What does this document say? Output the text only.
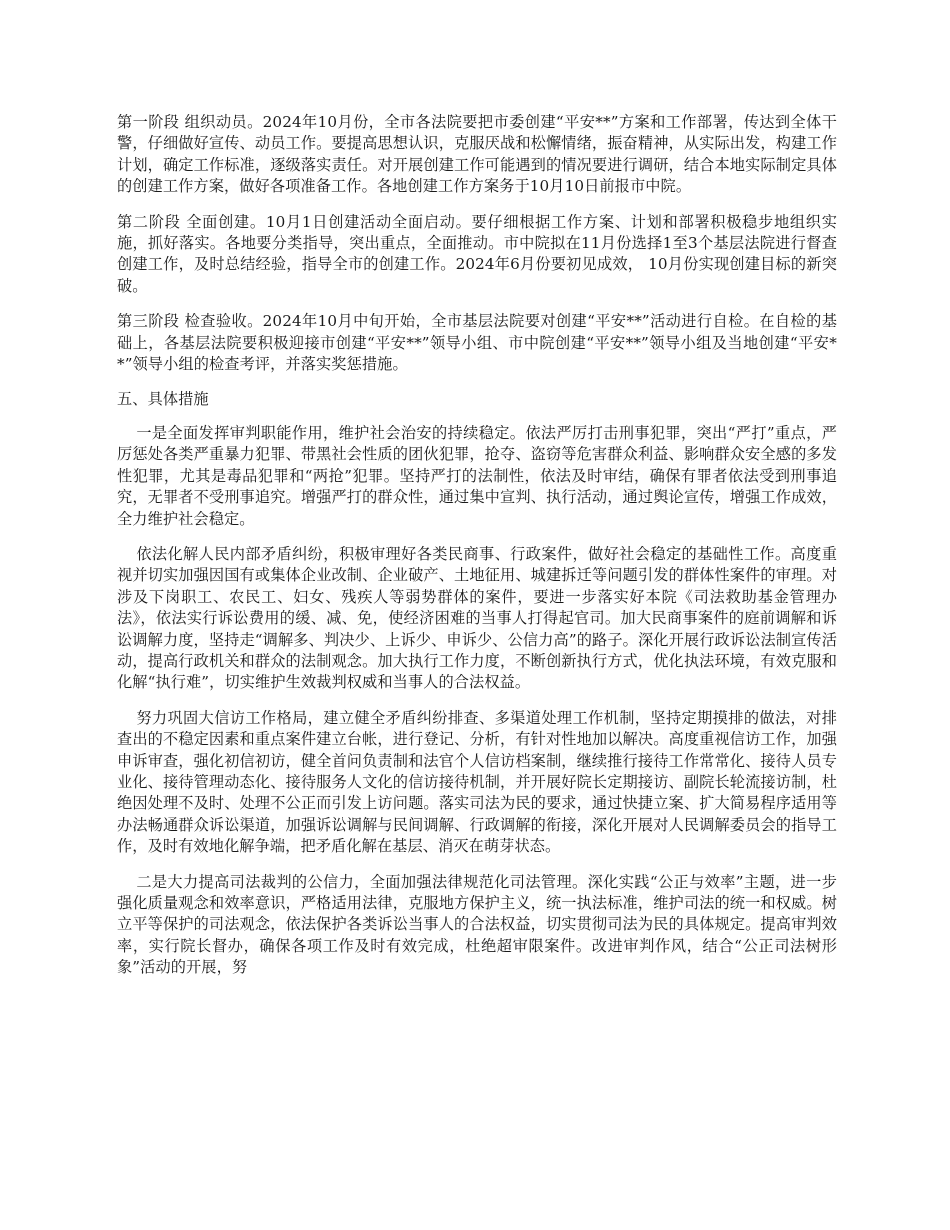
第一阶段 组织动员。2024年10月份，全市各法院要把市委创建“平安**”方案和工作部署，传达到全体干警，仔细做好宣传、动员工作。要提高思想认识，克服厌战和松懈情绪，振奋精神，从实际出发，构建工作计划，确定工作标准，逐级落实责任。对开展创建工作可能遇到的情况要进行调研，结合本地实际制定具体的创建工作方案，做好各项准备工作。各地创建工作方案务于10月10日前报市中院。

第二阶段 全面创建。10月1日创建活动全面启动。要仔细根据工作方案、计划和部署积极稳步地组织实施，抓好落实。各地要分类指导，突出重点，全面推动。市中院拟在11月份选择1至3个基层法院进行督查创建工作，及时总结经验，指导全市的创建工作。2024年6月份要初见成效， 10月份实现创建目标的新突破。

第三阶段 检查验收。2024年10月中旬开始，全市基层法院要对创建“平安**”活动进行自检。在自检的基础上，各基层法院要积极迎接市创建“平安**”领导小组、市中院创建“平安**”领导小组及当地创建“平安**”领导小组的检查考评，并落实奖惩措施。

五、具体措施

一是全面发挥审判职能作用，维护社会治安的持续稳定。依法严厉打击刑事犯罪，突出“严打”重点，严厉惩处各类严重暴力犯罪、带黑社会性质的团伙犯罪，抢夺、盗窃等危害群众利益、影响群众安全感的多发性犯罪，尤其是毒品犯罪和“两抢”犯罪。坚持严打的法制性，依法及时审结，确保有罪者依法受到刑事追究，无罪者不受刑事追究。增强严打的群众性，通过集中宣判、执行活动，通过舆论宣传，增强工作成效，全力维护社会稳定。

依法化解人民内部矛盾纠纷，积极审理好各类民商事、行政案件，做好社会稳定的基础性工作。高度重视并切实加强因国有或集体企业改制、企业破产、土地征用、城建拆迁等问题引发的群体性案件的审理。对涉及下岗职工、农民工、妇女、残疾人等弱势群体的案件，要进一步落实好本院《司法救助基金管理办法》，依法实行诉讼费用的缓、减、免，使经济困难的当事人打得起官司。加大民商事案件的庭前调解和诉讼调解力度，坚持走“调解多、判决少、上诉少、申诉少、公信力高”的路子。深化开展行政诉讼法制宣传活动，提高行政机关和群众的法制观念。加大执行工作力度，不断创新执行方式，优化执法环境，有效克服和化解“执行难”，切实维护生效裁判权威和当事人的合法权益。

努力巩固大信访工作格局，建立健全矛盾纠纷排查、多渠道处理工作机制，坚持定期摸排的做法，对排查出的不稳定因素和重点案件建立台帐，进行登记、分析，有针对性地加以解决。高度重视信访工作，加强申诉审查，强化初信初访，健全首问负责制和法官个人信访档案制，继续推行接待工作常常化、接待人员专业化、接待管理动态化、接待服务人文化的信访接待机制，并开展好院长定期接访、副院长轮流接访制，杜绝因处理不及时、处理不公正而引发上访问题。落实司法为民的要求，通过快捷立案、扩大简易程序适用等办法畅通群众诉讼渠道，加强诉讼调解与民间调解、行政调解的衔接，深化开展对人民调解委员会的指导工作，及时有效地化解争端，把矛盾化解在基层、消灭在萌芽状态。

二是大力提高司法裁判的公信力，全面加强法律规范化司法管理。深化实践“公正与效率”主题，进一步强化质量观念和效率意识，严格适用法律，克服地方保护主义，统一执法标准，维护司法的统一和权威。树立平等保护的司法观念，依法保护各类诉讼当事人的合法权益，切实贯彻司法为民的具体规定。提高审判效率，实行院长督办，确保各项工作及时有效完成，杜绝超审限案件。改进审判作风，结合“公正司法树形象”活动的开展，努
